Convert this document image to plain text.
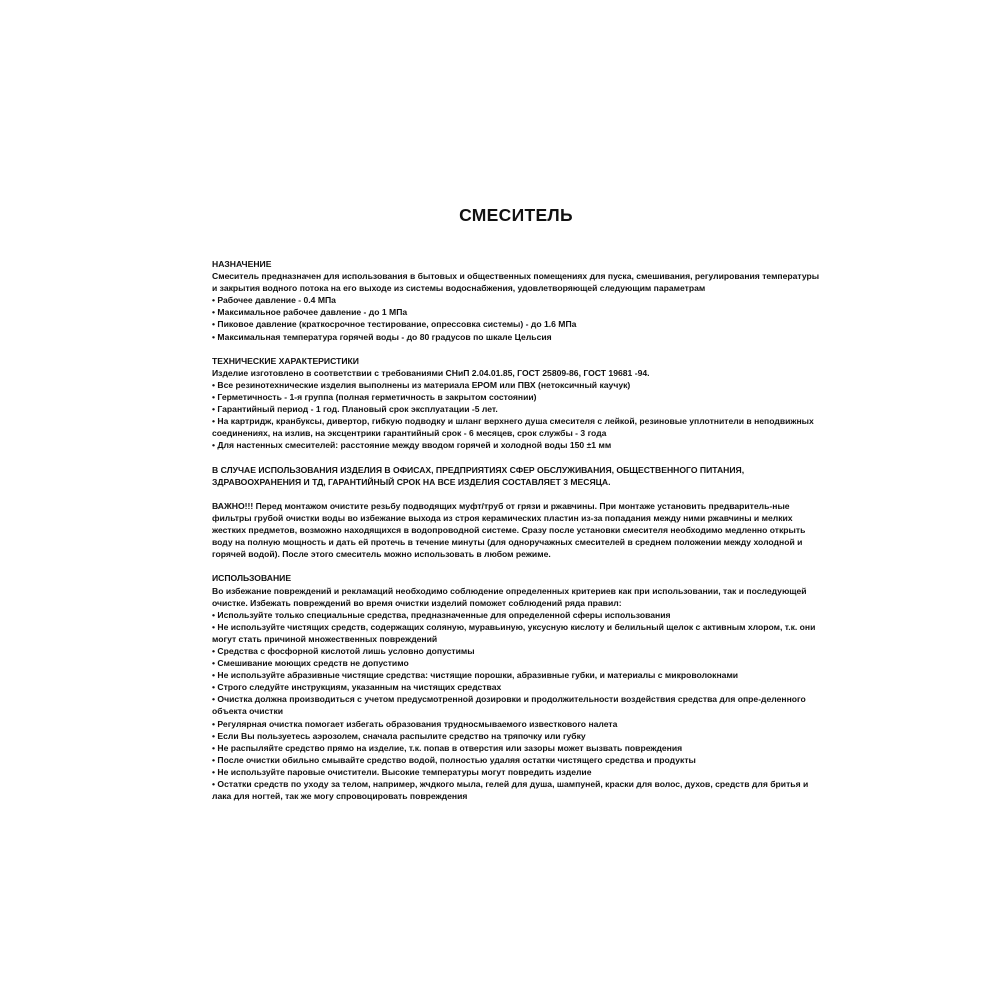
СМЕСИТЕЛЬ
НАЗНАЧЕНИЕ
Смеситель предназначен для использования в бытовых и общественных помещениях для пуска, смешивания, регулирования температуры и закрытия водного потока на его выходе из системы водоснабжения, удовлетворяющей следующим параметрам
• Рабочее давление - 0.4 МПа
• Максимальное рабочее давление - до 1 МПа
• Пиковое давление (краткосрочное тестирование, опрессовка системы) - до 1.6 МПа
• Максимальная температура горячей воды - до 80 градусов по шкале Цельсия
ТЕХНИЧЕСКИЕ ХАРАКТЕРИСТИКИ
Изделие изготовлено в соответствии с требованиями СНиП 2.04.01.85, ГОСТ 25809-86, ГОСТ 19681 -94.
• Все резинотехнические изделия выполнены из материала EPOM или ПВХ (нетоксичный каучук)
• Герметичность - 1-я группа (полная герметичность в закрытом состоянии)
• Гарантийный период - 1 год. Плановый срок эксплуатации -5 лет.
• На картридж, кранбуксы, дивертор, гибкую подводку и шланг верхнего душа смесителя с лейкой, резиновые уплотнители в неподвижных соединениях, на излив, на эксцентрики гарантийный срок - 6 месяцев, срок службы - 3 года
• Для настенных смесителей: расстояние между вводом горячей и холодной воды 150 ±1 мм
В СЛУЧАЕ ИСПОЛЬЗОВАНИЯ ИЗДЕЛИЯ В ОФИСАХ, ПРЕДПРИЯТИЯХ СФЕР ОБСЛУЖИВАНИЯ, ОБЩЕСТВЕННОГО ПИТАНИЯ, ЗДРАВООХРАНЕНИЯ И ТД, ГАРАНТИЙНЫЙ СРОК НА ВСЕ ИЗДЕЛИЯ СОСТАВЛЯЕТ 3 МЕСЯЦА.
ВАЖНО!!! Перед монтажом очистите резьбу подводящих муфт/труб от грязи и ржавчины. При монтаже установить предваритель-ные фильтры грубой очистки воды во избежание выхода из строя керамических пластин из-за попадания между ними ржавчины и мелких жестких предметов, возможно находящихся в водопроводной системе. Сразу после установки смесителя необходимо медленно открыть воду на полную мощность и дать ей протечь в течение минуты (для одноручажных смесителей в среднем положении между холодной и горячей водой). После этого смеситель можно использовать в любом режиме.
ИСПОЛЬЗОВАНИЕ
Во избежание повреждений и рекламаций необходимо соблюдение определенных критериев как при использовании, так и последующей очистке. Избежать повреждений во время очистки изделий поможет соблюдений ряда правил:
• Используйте только специальные средства, предназначенные для определенной сферы использования
• Не используйте чистящих средств, содержащих соляную, муравьиную, уксусную кислоту и белильный щелок с активным хлором, т.к. они могут стать причиной множественных повреждений
• Средства с фосфорной кислотой лишь условно допустимы
• Смешивание моющих средств не допустимо
• Не используйте абразивные чистящие средства: чистящие порошки, абразивные губки, и материалы с микроволокнами
• Строго следуйте инструкциям, указанным на чистящих средствах
• Очистка должна производиться с учетом предусмотренной дозировки и продолжительности воздействия средства для опре-деленного объекта очистки
• Регулярная очистка помогает избегать образования трудносмываемого известкового налета
• Если Вы пользуетесь аэрозолем, сначала распылите средство на тряпочку или губку
• Не распыляйте средство прямо на изделие, т.к. попав в отверстия или зазоры может вызвать повреждения
• После очистки обильно смывайте средство водой, полностью удаляя остатки чистящего средства и продукты
• Не используйте паровые очистители. Высокие температуры могут повредить изделие
• Остатки средств по уходу за телом, например, жчдкого мыла, гелей для душа, шампуней, краски для волос, духов, средств для бритья и лака для ногтей, так же могу спровоцировать повреждения
